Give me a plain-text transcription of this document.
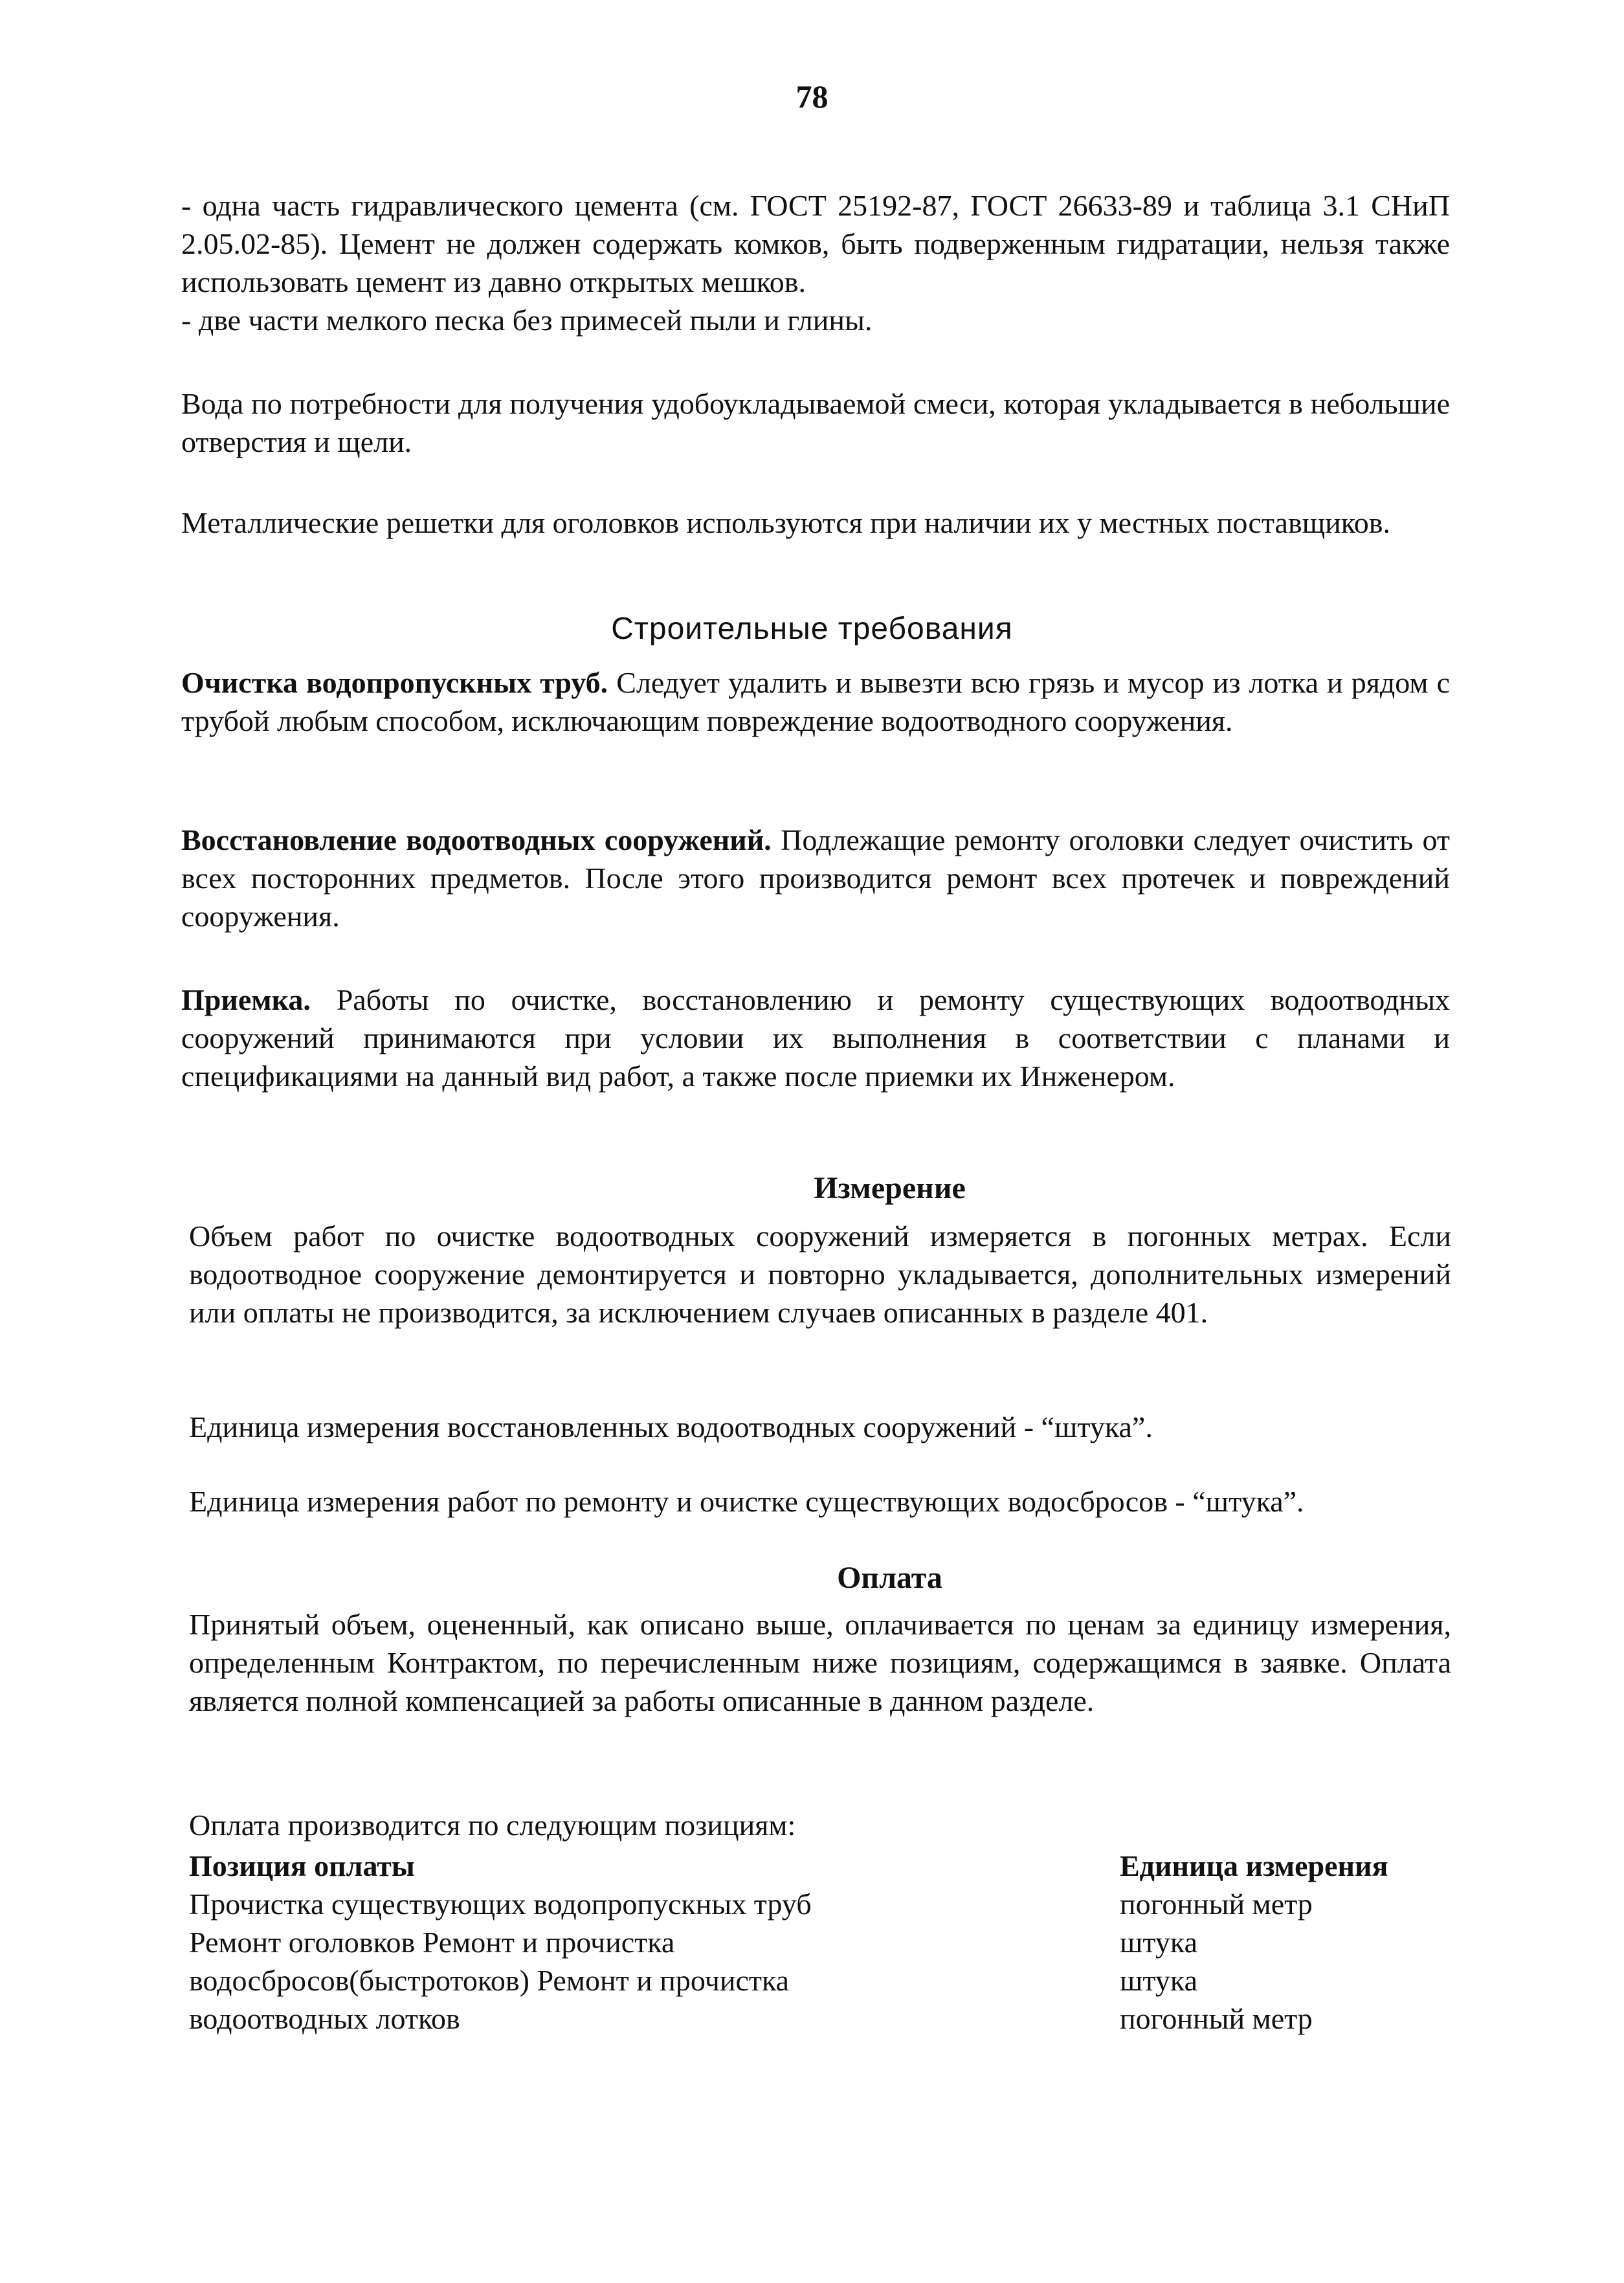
78

- одна часть гидравлического цемента (см. ГОСТ 25192-87, ГОСТ 26633-89 и таблица 3.1 СНиП 2.05.02-85). Цемент не должен содержать комков, быть подверженным гидратации, нельзя также использовать цемент из давно открытых мешков.

- две части мелкого песка без примесей пыли и глины.

Вода по потребности для получения удобоукладываемой смеси, которая укладывается в небольшие отверстия и щели.

Металлические решетки для оголовков используются при наличии их у местных поставщиков.

Строительные требования

Очистка водопропускных труб. Следует удалить и вывезти всю грязь и мусор из лотка и рядом с трубой любым способом, исключающим повреждение водоотводного сооружения.

Восстановление водоотводных сооружений. Подлежащие ремонту оголовки следует очистить от всех посторонних предметов. После этого производится ремонт всех протечек и повреждений сооружения.

Приемка. Работы по очистке, восстановлению и ремонту существующих водоотводных сооружений принимаются при условии их выполнения в соответствии с планами и спецификациями на данный вид работ, а также после приемки их Инженером.

Измерение

Объем работ по очистке водоотводных сооружений измеряется в погонных метрах. Если водоотводное сооружение демонтируется и повторно укладывается, дополнительных измерений или оплаты не производится, за исключением случаев описанных в разделе 401.

Единица измерения восстановленных водоотводных сооружений - “штука”.

Единица измерения работ по ремонту и очистке существующих водосбросов - “штука”.

Оплата

Принятый объем, оцененный, как описано выше, оплачивается по ценам за единицу измерения, определенным Контрактом, по перечисленным ниже позициям, содержащимся в заявке. Оплата является полной компенсацией за работы описанные в данном разделе.

Оплата производится по следующим позициям:

Позиция оплаты	Единица измерения
Прочистка существующих водопропускных труб	погонный метр
Ремонт оголовков Ремонт и прочистка	штука
водосбросов(быстротоков) Ремонт и прочистка	штука
водоотводных лотков	погонный метр
